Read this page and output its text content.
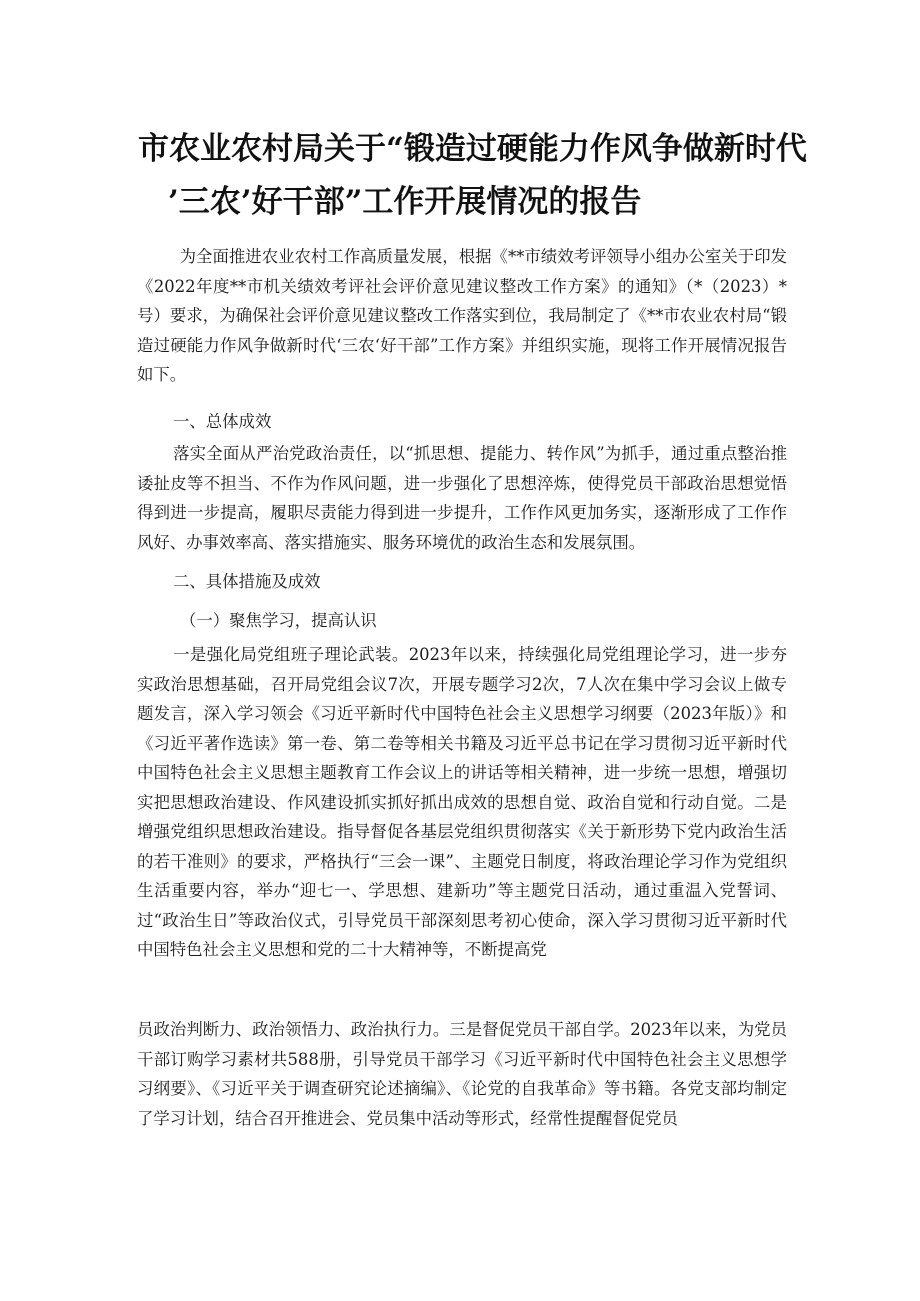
市农业农村局关于“锻造过硬能力作风争做新时代
’三农’好干部”工作开展情况的报告

为全面推进农业农村工作高质量发展，根据《**市绩效考评领导小组办公室关于印发《2022年度**市机关绩效考评社会评价意见建议整改工作方案》的通知》（*（2023）*号）要求，为确保社会评价意见建议整改工作落实到位，我局制定了《**市农业农村局“锻造过硬能力作风争做新时代‘三农‘好干部”工作方案》并组织实施，现将工作开展情况报告如下。

一、总体成效

落实全面从严治党政治责任，以“抓思想、提能力、转作风”为抓手，通过重点整治推诿扯皮等不担当、不作为作风问题，进一步强化了思想淬炼，使得党员干部政治思想觉悟得到进一步提高，履职尽责能力得到进一步提升，工作作风更加务实，逐渐形成了工作作风好、办事效率高、落实措施实、服务环境优的政治生态和发展氛围。

二、具体措施及成效

（一）聚焦学习，提高认识

一是强化局党组班子理论武装。2023年以来，持续强化局党组理论学习，进一步夯实政治思想基础，召开局党组会议7次，开展专题学习2次，7人次在集中学习会议上做专题发言，深入学习领会《习近平新时代中国特色社会主义思想学习纲要（2023年版）》和《习近平著作选读》第一卷、第二卷等相关书籍及习近平总书记在学习贯彻习近平新时代中国特色社会主义思想主题教育工作会议上的讲话等相关精神，进一步统一思想，增强切实把思想政治建设、作风建设抓实抓好抓出成效的思想自觉、政治自觉和行动自觉。二是增强党组织思想政治建设。指导督促各基层党组织贯彻落实《关于新形势下党内政治生活的若干准则》的要求，严格执行“三会一课”、主题党日制度，将政治理论学习作为党组织生活重要内容，举办“迎七一、学思想、建新功”等主题党日活动，通过重温入党誓词、过“政治生日”等政治仪式，引导党员干部深刻思考初心使命，深入学习贯彻习近平新时代中国特色社会主义思想和党的二十大精神等，不断提高党

员政治判断力、政治领悟力、政治执行力。三是督促党员干部自学。2023年以来，为党员干部订购学习素材共588册，引导党员干部学习《习近平新时代中国特色社会主义思想学习纲要》、《习近平关于调查研究论述摘编》、《论党的自我革命》等书籍。各党支部均制定了学习计划，结合召开推进会、党员集中活动等形式，经常性提醒督促党员
